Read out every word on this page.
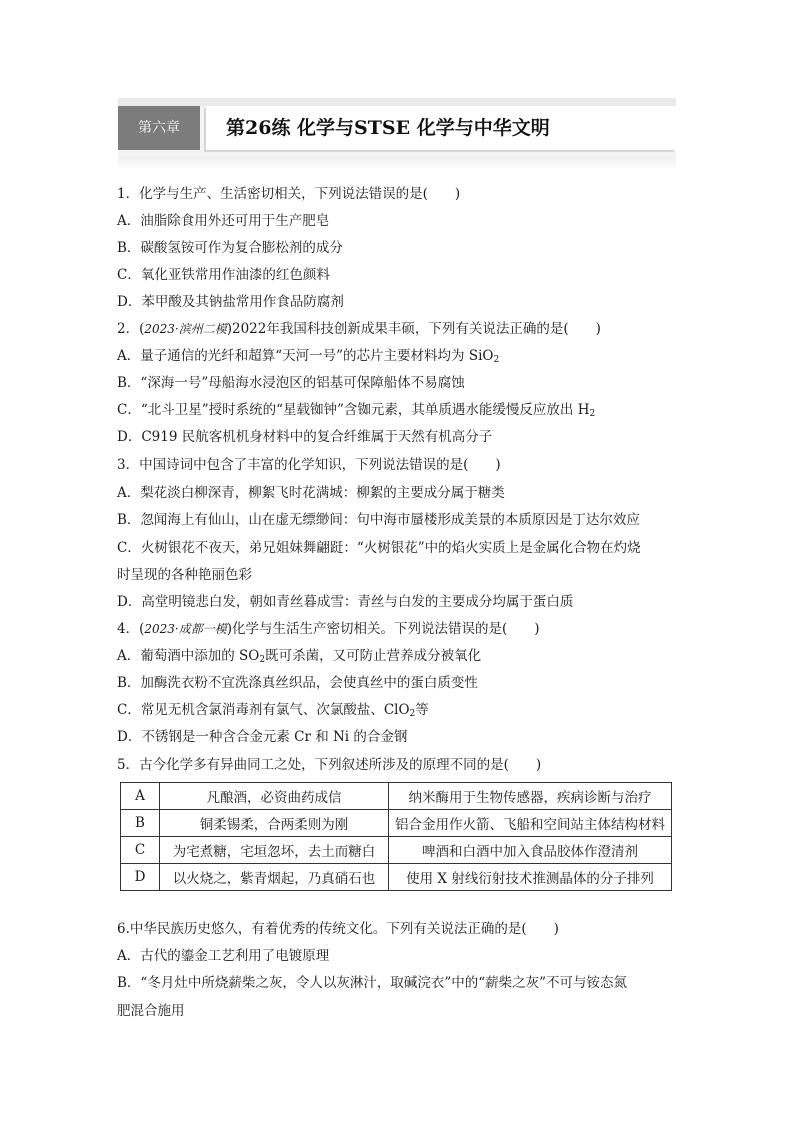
第六章	第26练 化学与STSE 化学与中华文明
1．化学与生产、生活密切相关，下列说法错误的是(　　)
A．油脂除食用外还可用于生产肥皂
B．碳酸氢铵可作为复合膨松剂的成分
C．氧化亚铁常用作油漆的红色颜料
D．苯甲酸及其钠盐常用作食品防腐剂
2．(2023·滨州二模)2022年我国科技创新成果丰硕，下列有关说法正确的是(　　)
A．量子通信的光纤和超算“天河一号”的芯片主要材料均为 SiO$_2$
B．“深海一号”母船海水浸泡区的铝基可保障船体不易腐蚀
C．“北斗卫星”授时系统的“星载铷钟”含铷元素，其单质遇水能缓慢反应放出 $H_2$
D．C919 民航客机机身材料中的复合纤维属于天然有机高分子
3．中国诗词中包含了丰富的化学知识，下列说法错误的是(　　)
A．梨花淡白柳深青，柳絮飞时花满城：柳絮的主要成分属于糖类
B．忽闻海上有仙山，山在虚无缥缈间：句中海市蜃楼形成美景的本质原因是丁达尔效应
C．火树银花不夜天，弟兄姐妹舞翩跹：“火树银花”中的焰火实质上是金属化合物在灼烧
时呈现的各种艳丽色彩
D．高堂明镜悲白发，朝如青丝暮成雪：青丝与白发的主要成分均属于蛋白质
4．(2023·成都一模)化学与生活生产密切相关。下列说法错误的是(　　)
A．葡萄酒中添加的 $SO_2$既可杀菌，又可防止营养成分被氧化
B．加酶洗衣粉不宜洗涤真丝织品，会使真丝中的蛋白质变性
C．常见无机含氯消毒剂有氯气、次氯酸盐、ClO$_2$等
D．不锈钢是一种含合金元素 Cr 和 Ni 的合金钢
5．古今化学多有异曲同工之处，下列叙述所涉及的原理不同的是(　　)
A	凡酿酒，必资曲药成信	纳米酶用于生物传感器，疾病诊断与治疗
B	铜柔锡柔，合两柔则为刚	铝合金用作火箭、飞船和空间站主体结构材料
C	为宅煮糖，宅垣忽坏，去土而糖白	啤酒和白酒中加入食品胶体作澄清剂
D	以火烧之，紫青烟起，乃真硝石也	使用 X 射线衍射技术推测晶体的分子排列
6.中华民族历史悠久，有着优秀的传统文化。下列有关说法正确的是(　　)
A．古代的鎏金工艺利用了电镀原理
B．“冬月灶中所烧薪柴之灰，令人以灰淋汁，取碱浣衣”中的“薪柴之灰”不可与铵态氮
肥混合施用
